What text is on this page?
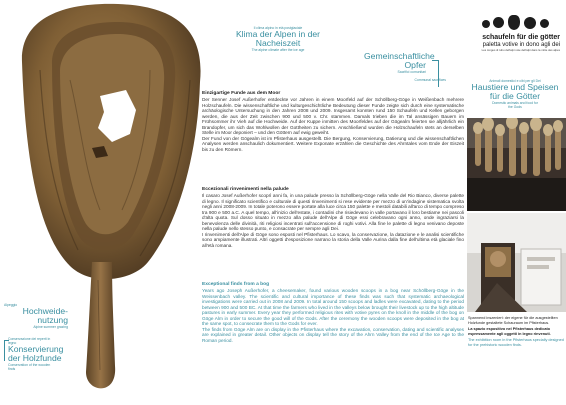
Il clima alpino in età postglaciale
Klima der Alpen in der Nacheiszeit
The alpine climate after the ice age
Gemeinschaftliche Opfer
Sacrifici comunitari
Communal sacrifices
schaufeln für die götter
paletta votive in dono agli dei
Les tonges di tubu dell'alpi vote dell'alpi dans la mitte des alpes
Animali domestici e cibi per gli Dei
Haustiere und Speisen für die Götter
Domestic animals and food for the Gods
Einzigartige Funde aus dem Moor
Der Senner Josef Außerhofer entdeckte vor Jahren in einem Moorfeld auf der Schöllberg-Göge in Weißenbach mehrere Holzschaufeln. Die wissenschaftliche und kulturgeschichtliche Bedeutung dieser Funde zeigte sich durch eine systematische archäologische Untersuchung in den Jahren 2008 und 2009. Insgesamt konnten rund 150 Schaufeln und Kellen geborgen werden, die aus der Zeit zwischen 900 und 500 v. Chr. stammen. Damals trieben die im Tal ansässigen Bauern im Frühsommer ihr Vieh auf die Hochweide. Auf der Kuppe inmitten des Moorfeldes auf der Gögealm feierten sie alljährlich ein Brandopfer, um sich das Wohlwollen der Gottheiten zu sichern. Anschließend wurden die Holzschaufeln stets an derselben Stelle im Moor deponiert – und den Göttern auf ewig geweiht.
Der Fund von der Gögealm ist im Pfisterhaus ausgestellt. Die Bergung, Konservierung, Datierung und die wissenschaftlichen Analysen werden anschaulich dokumentiert. Weitere Exponate erzählen die Geschichte des Ahrntales vom Ende der Eiszeit bis zu den Römern.
Eccezionali rinvenimenti nella palude
Il casaro Josef Außerhofer scoprì anni fa, in una palude presso la Schöllberg-Göge nella Valle del Rio Bianco, diverse palette di legno. Il significato scientifico e culturale di questi rinvenimenti si rese evidente per mezzo di un'indagine sistematica svolta negli anni 2008-2009. In totale poterono essere portate alla luce circa 150 palette e mestoli databili all'arco di tempo compreso tra 900 e 500 a.C. A quel tempo, all'inizio dell'estate, i contadini che risiedevano in valle portavano il loro bestiame nei pascoli d'alta quota. Sul dosso situato in mezzo alla palude dell'Alpe di Göge essi celebravano ogni anno, onde ingraziarsi la benevolenza delle divinità, riti religiosi incentrati sull'accensione di roghi votivi. Alla fine le palette di legno venivano deposte nella palude nello stesso punto, e consacrate per sempre agli Dei.
I rinvenimenti dell'Alpe di Göge sono esposti nel Pfisterhaus. Lo scavo, la conservazione, la datazione e le analisi scientifiche sono ampiamente illustrati. Altri oggetti d'esposizione narrano la storia della Valle Aurina dalla fine dell'ultima età glaciale fino all'età romana.
Exceptional finds from a bog
Years ago Joseph Außerhofer, a cheesemaker, found various wooden scoops in a bog near Schöllberg-Göge in the Weissenbach valley. The scientific and cultural importance of these finds was such that systematic archaeological investigations were carried out in 2008 and 2009. In total around 150 scoops and ladles were excavated, dating to the period between 900 and 500 BC. At that time the farmers who lived in the valleys below brought their livestock up to the high altitude pastures in early summer. Every year they performed religious rites with votive pyres on the knoll in the middle of the bog on Göge Alm in order to secure the good will of the Gods. After the ceremony the wooden scoops were deposited in the bog at the same spot, to consecrate them to the Gods for ever.
The finds from Göge Alm are on display in the Pfisterhaus where the excavation, conservation, dating and scientific analyses are explained in greater detail. Other objects on display tell the story of the Ahrn Valley from the end of the Ice Age to the Roman period.
Alpeggio
Hochweide-nutzung
Alpine summer grazing
Conservazione dei reperti in legno
Konservierung der Holzfunde
Conservation of the wooden finds
Spannend inszeniert: der eigene für die ausgestellten Holzfunde gestaltete Schauraum im Pfisterhaus.
La spazio espositivo nel Pfisterhaus dedicato espressamente agli oggetti in legno rinvenuti.
The exhibition room in the Pfisterhaus specially designed for the prehistoric wooden finds.
